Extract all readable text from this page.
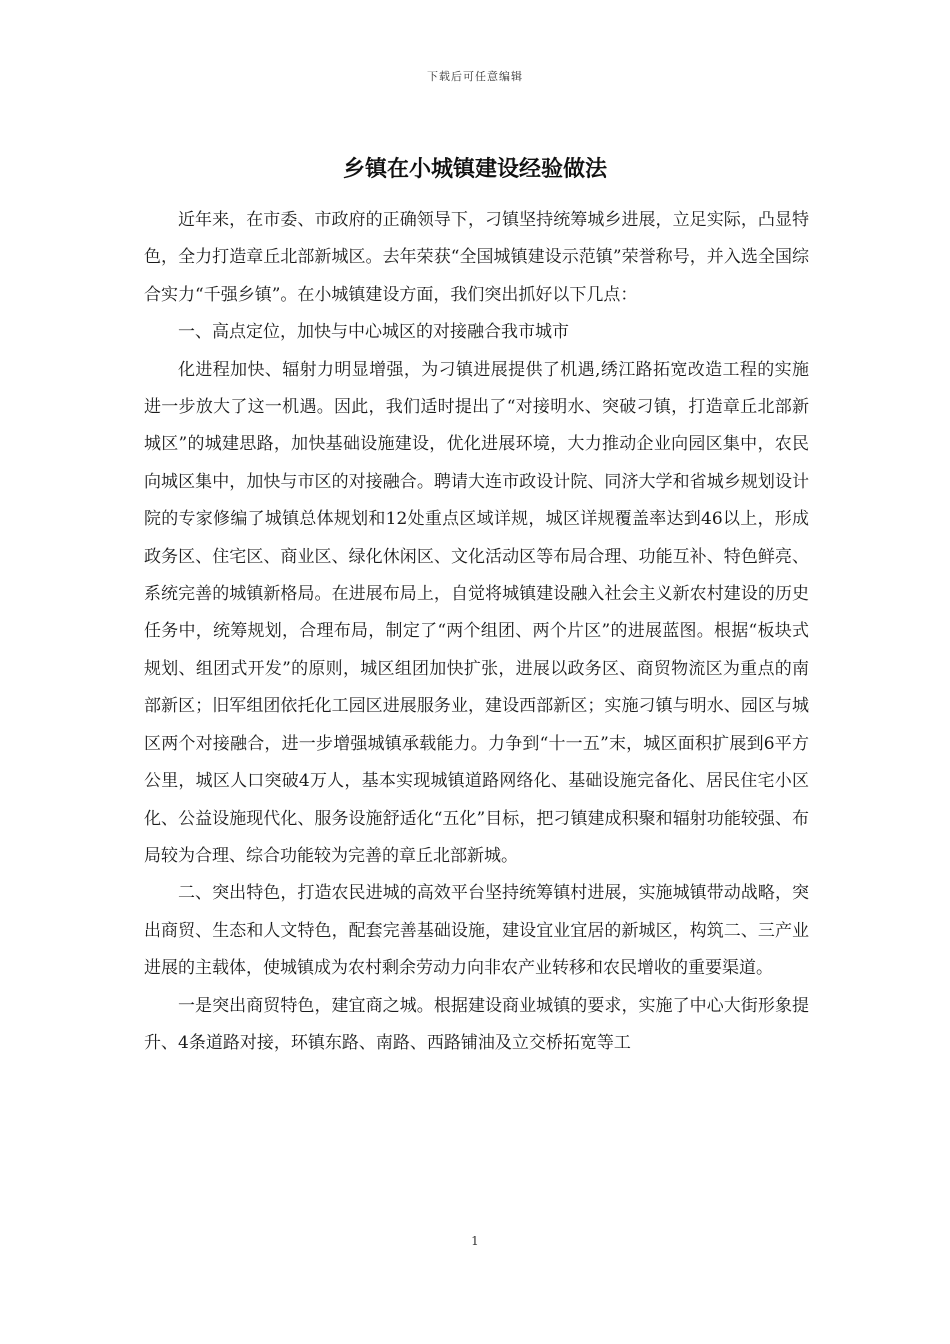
下载后可任意编辑
乡镇在小城镇建设经验做法

近年来，在市委、市政府的正确领导下，刁镇坚持统筹城乡进展，立足实际，凸显特色，全力打造章丘北部新城区。去年荣获“全国城镇建设示范镇”荣誉称号，并入选全国综合实力“千强乡镇”。在小城镇建设方面，我们突出抓好以下几点：

一、高点定位，加快与中心城区的对接融合我市城市

化进程加快、辐射力明显增强，为刁镇进展提供了机遇,绣江路拓宽改造工程的实施进一步放大了这一机遇。因此，我们适时提出了“对接明水、突破刁镇，打造章丘北部新城区”的城建思路，加快基础设施建设，优化进展环境，大力推动企业向园区集中，农民向城区集中，加快与市区的对接融合。聘请大连市政设计院、同济大学和省城乡规划设计院的专家修编了城镇总体规划和12处重点区域详规，城区详规覆盖率达到46以上，形成政务区、住宅区、商业区、绿化休闲区、文化活动区等布局合理、功能互补、特色鲜亮、系统完善的城镇新格局。在进展布局上，自觉将城镇建设融入社会主义新农村建设的历史任务中，统筹规划，合理布局，制定了“两个组团、两个片区”的进展蓝图。根据“板块式规划、组团式开发”的原则，城区组团加快扩张，进展以政务区、商贸物流区为重点的南部新区；旧军组团依托化工园区进展服务业，建设西部新区；实施刁镇与明水、园区与城区两个对接融合，进一步增强城镇承载能力。力争到“十一五”末，城区面积扩展到6平方公里，城区人口突破4万人，基本实现城镇道路网络化、基础设施完备化、居民住宅小区化、公益设施现代化、服务设施舒适化“五化”目标，把刁镇建成积聚和辐射功能较强、布局较为合理、综合功能较为完善的章丘北部新城。

二、突出特色，打造农民进城的高效平台坚持统筹镇村进展，实施城镇带动战略，突出商贸、生态和人文特色，配套完善基础设施，建设宜业宜居的新城区，构筑二、三产业进展的主载体，使城镇成为农村剩余劳动力向非农产业转移和农民增收的重要渠道。

一是突出商贸特色，建宜商之城。根据建设商业城镇的要求，实施了中心大街形象提升、4条道路对接，环镇东路、南路、西路铺油及立交桥拓宽等工

1
